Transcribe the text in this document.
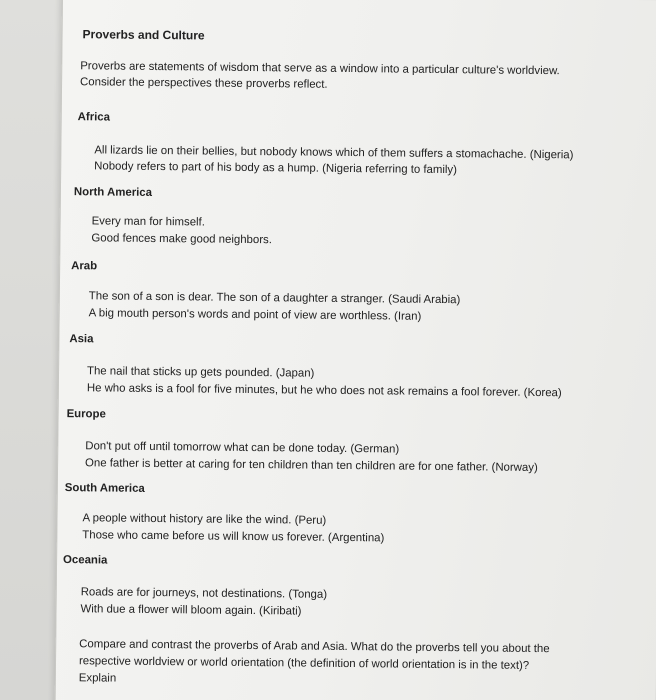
Proverbs and Culture
Proverbs are statements of wisdom that serve as a window into a particular culture's worldview.
Consider the perspectives these proverbs reflect.
Africa
All lizards lie on their bellies, but nobody knows which of them suffers a stomachache. (Nigeria)
Nobody refers to part of his body as a hump. (Nigeria referring to family)
North America
Every man for himself.
Good fences make good neighbors.
Arab
The son of a son is dear. The son of a daughter a stranger. (Saudi Arabia)
A big mouth person's words and point of view are worthless. (Iran)
Asia
The nail that sticks up gets pounded. (Japan)
He who asks is a fool for five minutes, but he who does not ask remains a fool forever. (Korea)
Europe
Don't put off until tomorrow what can be done today. (German)
One father is better at caring for ten children than ten children are for one father. (Norway)
South America
A people without history are like the wind. (Peru)
Those who came before us will know us forever. (Argentina)
Oceania
Roads are for journeys, not destinations. (Tonga)
With due a flower will bloom again. (Kiribati)
Compare and contrast the proverbs of Arab and Asia. What do the proverbs tell you about the
respective worldview or world orientation (the definition of world orientation is in the text)?
Explain
